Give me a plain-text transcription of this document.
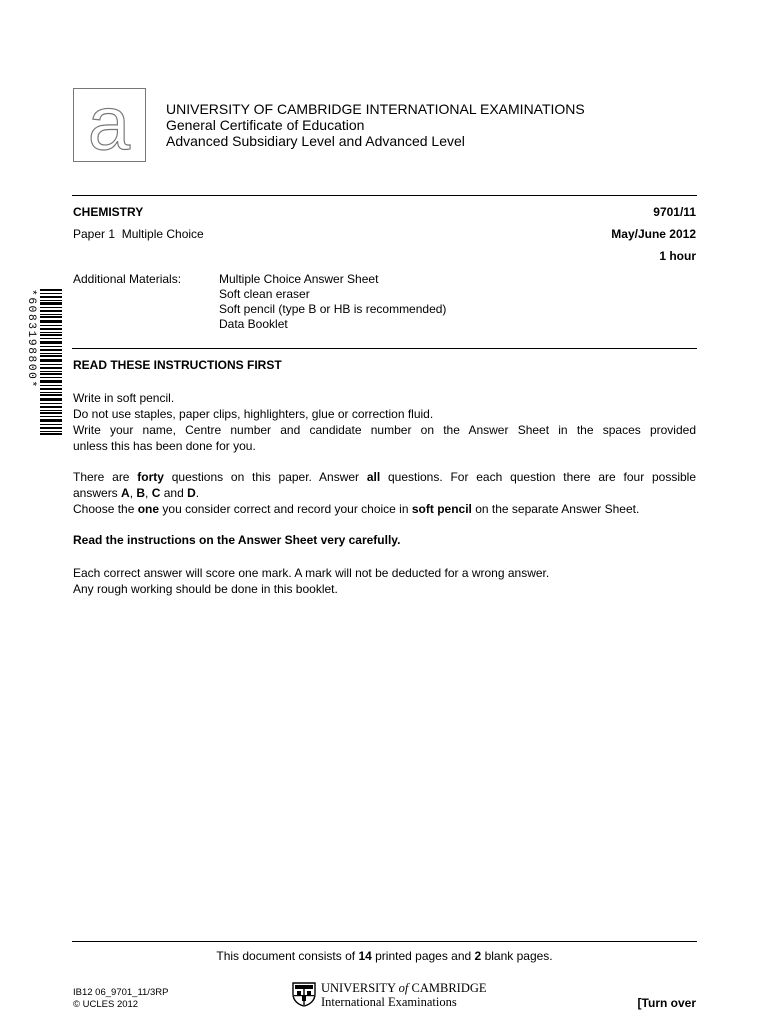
a	UNIVERSITY OF CAMBRIDGE INTERNATIONAL EXAMINATIONS
General Certificate of Education
Advanced Subsidiary Level and Advanced Level
CHEMISTRY	9701/11
Paper 1  Multiple Choice	May/June 2012
1 hour
Additional Materials:	Multiple Choice Answer Sheet
Soft clean eraser
Soft pencil (type B or HB is recommended)
Data Booklet
*6083198800*	READ THESE INSTRUCTIONS FIRST
Write in soft pencil.
Do not use staples, paper clips, highlighters, glue or correction fluid.
Write your name, Centre number and candidate number on the Answer Sheet in the spaces provided
unless this has been done for you.
There are forty questions on this paper. Answer all questions. For each question there are four possible
answers A, B, C and D.
Choose the one you consider correct and record your choice in soft pencil on the separate Answer Sheet.
Read the instructions on the Answer Sheet very carefully.
Each correct answer will score one mark. A mark will not be deducted for a wrong answer.
Any rough working should be done in this booklet.
This document consists of 14 printed pages and 2 blank pages.
IB12 06_9701_11/3RP
© UCLES 2012
UNIVERSITY of CAMBRIDGE
International Examinations	[Turn over
